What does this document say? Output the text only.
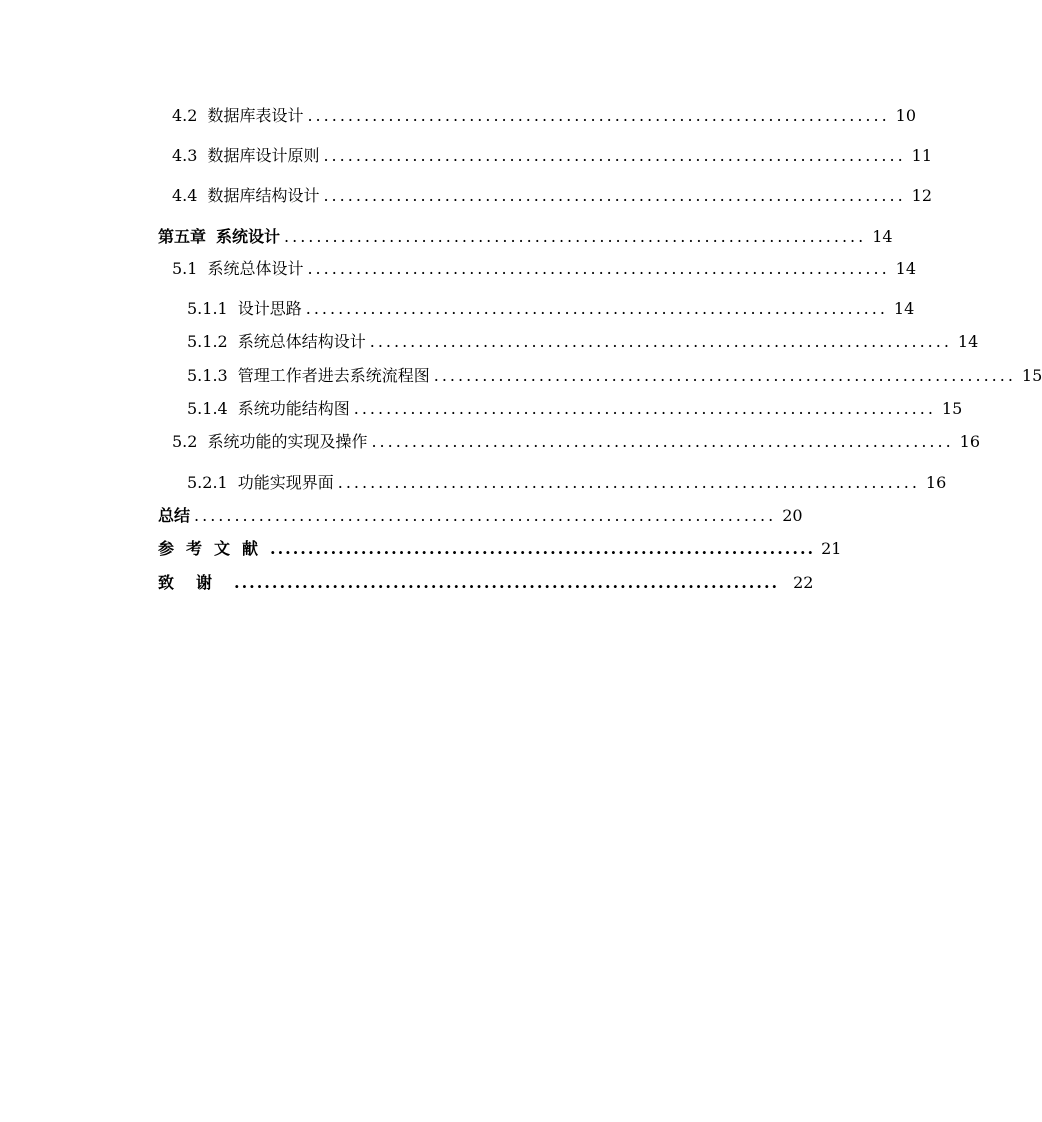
4.2 数据库表设计 ........................................................................ 10
4.3 数据库设计原则 ........................................................................ 11
4.4 数据库结构设计 ........................................................................ 12
第五章 系统设计 ........................................................................ 14
5.1 系统总体设计 ........................................................................ 14
5.1.1 设计思路 ........................................................................ 14
5.1.2 系统总体结构设计 ........................................................................ 14
5.1.3 管理工作者进去系统流程图 ........................................................................ 15
5.1.4 系统功能结构图 ........................................................................ 15
5.2 系统功能的实现及操作 ........................................................................ 16
5.2.1 功能实现界面 ........................................................................ 16
总结 ........................................................................ 20
参考文献 ........................................................................ 21
致谢 ........................................................................ 22
